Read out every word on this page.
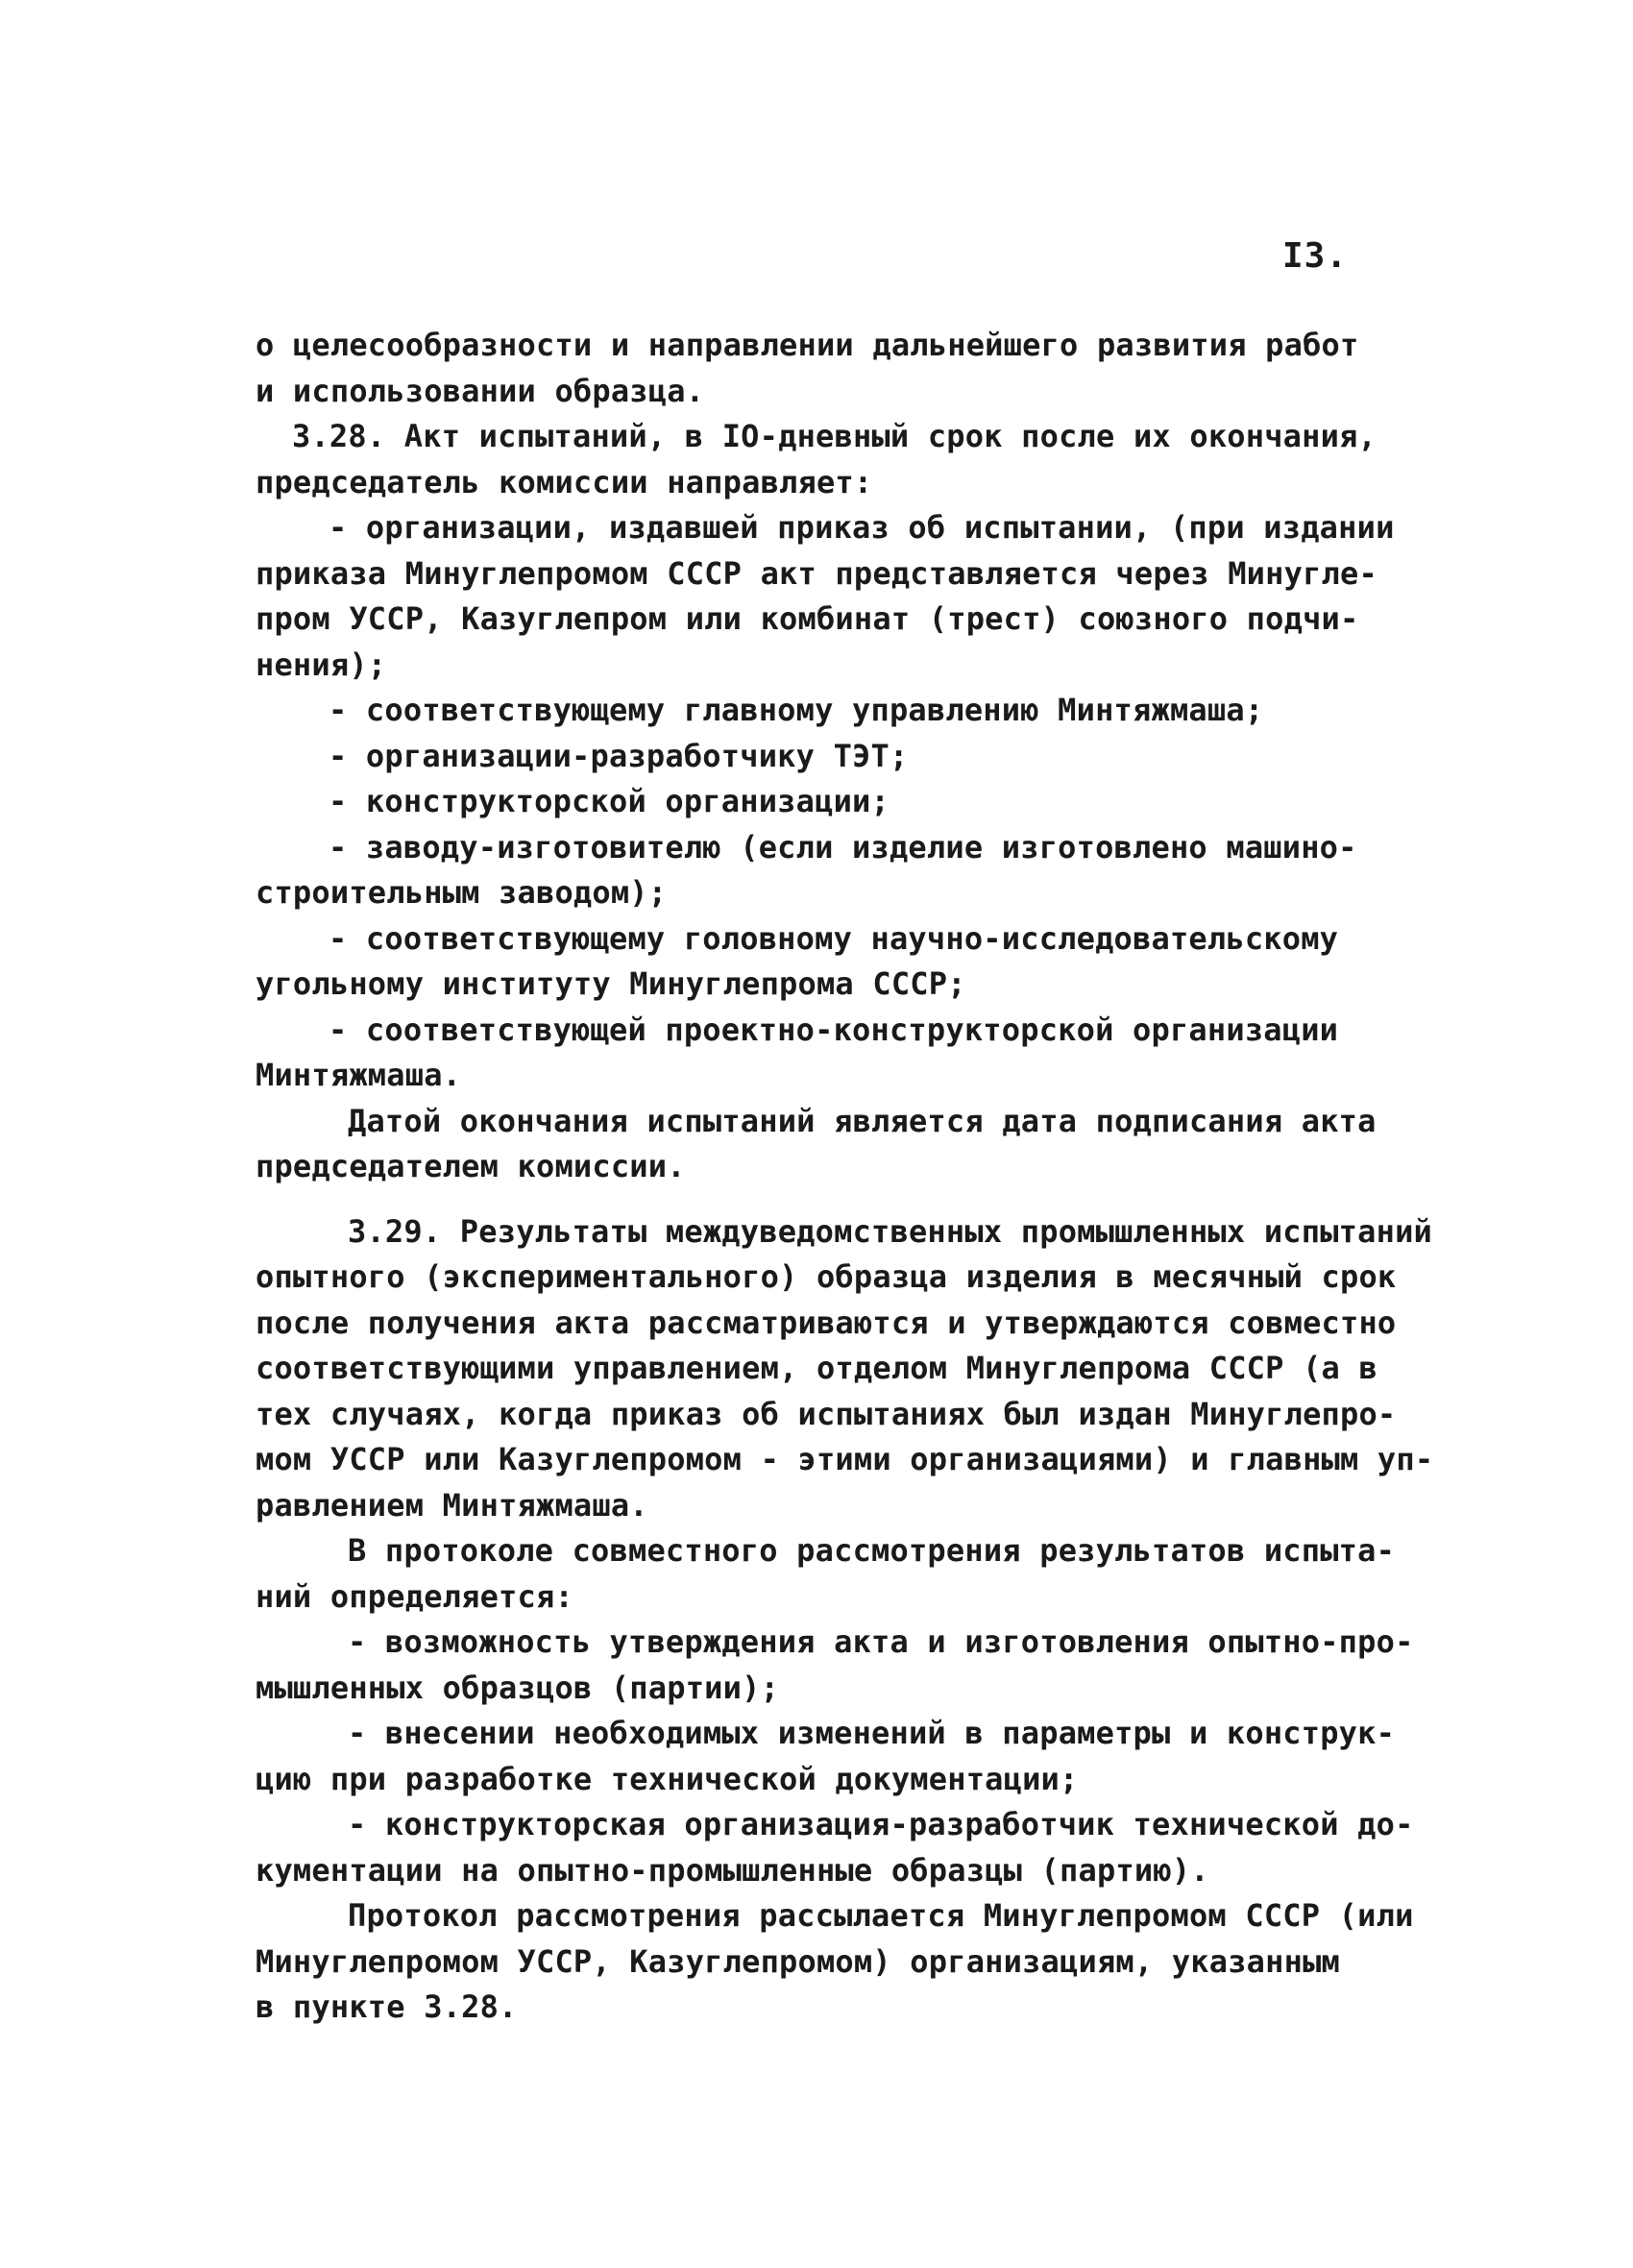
I3.
о целесообразности и направлении дальнейшего развития работ
и использовании образца.
3.28. Акт испытаний, в IO-дневный срок после их окончания,
председатель комиссии направляет:
- организации, издавшей приказ об испытании, (при издании
приказа Минуглепромом СССР акт представляется через Минугле-
пром УССР, Казуглепром или комбинат (трест) союзного подчи-
нения);
- соответствующему главному управлению Минтяжмаша;
- организации-разработчику ТЭТ;
- конструкторской организации;
- заводу-изготовителю (если изделие изготовлено машино-
строительным заводом);
- соответствующему головному научно-исследовательскому
угольному институту Минуглепрома СССР;
- соответствующей проектно-конструкторской организации
Минтяжмаша.
Датой окончания испытаний является дата подписания акта
председателем комиссии.
3.29. Результаты междуведомственных промышленных испытаний
опытного (экспериментального) образца изделия в месячный срок
после получения акта рассматриваются и утверждаются совместно
соответствующими управлением, отделом Минуглепрома СССР (а в
тех случаях, когда приказ об испытаниях был издан Минуглепро-
мом УССР или Казуглепромом - этими организациями) и главным уп-
равлением Минтяжмаша.
В протоколе совместного рассмотрения результатов испыта-
ний определяется:
- возможность утверждения акта и изготовления опытно-про-
мышленных образцов (партии);
- внесении необходимых изменений в параметры и конструк-
цию при разработке технической документации;
- конструкторская организация-разработчик технической до-
кументации на опытно-промышленные образцы (партию).
Протокол рассмотрения рассылается Минуглепромом СССР (или
Минуглепромом УССР, Казуглепромом) организациям, указанным
в пункте 3.28.
